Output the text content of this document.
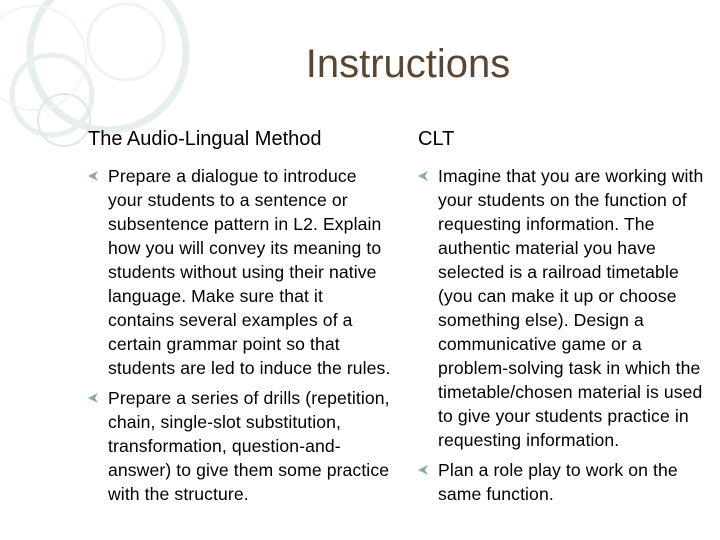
Instructions
The Audio-Lingual Method
Prepare a dialogue to introduce your students to a sentence or subsentence pattern in L2. Explain how you will convey its meaning to students without using their native language. Make sure that it contains several examples of a certain grammar point so that students are led to induce the rules.
Prepare a series of drills (repetition, chain, single-slot substitution, transformation, question-and-answer) to give them some practice with the structure.
CLT
Imagine that you are working with your students on the function of requesting information. The authentic material you have selected is a railroad timetable (you can make it up or choose something else). Design a communicative game or a problem-solving task in which the timetable/chosen material is used to give your students practice in requesting information.
Plan a role play to work on the same function.
